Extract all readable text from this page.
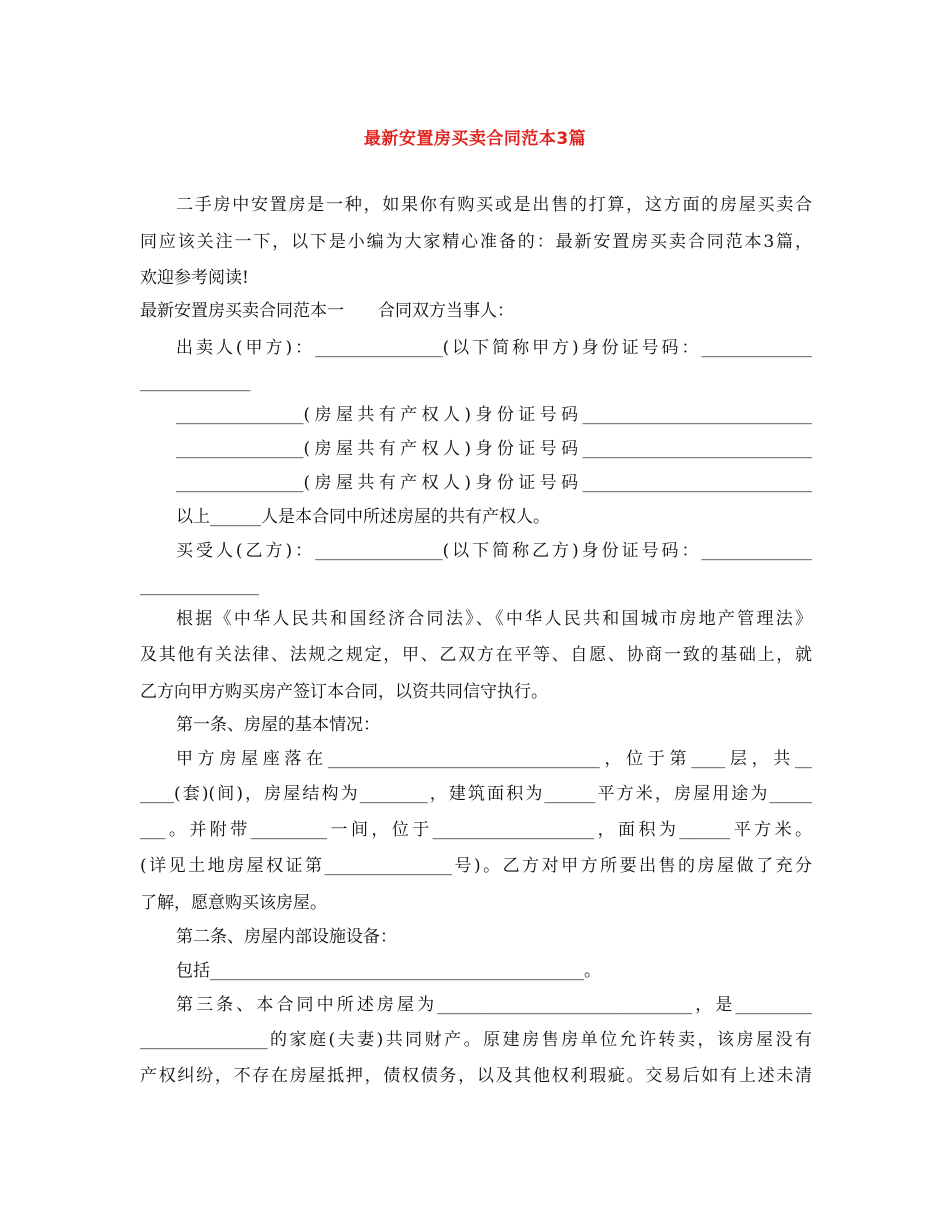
最新安置房买卖合同范本3篇
二手房中安置房是一种，如果你有购买或是出售的打算，这方面的房屋买卖合
同应该关注一下，以下是小编为大家精心准备的：最新安置房买卖合同范本3篇，
欢迎参考阅读!
最新安置房买卖合同范本一　　合同双方当事人：
出卖人(甲方)：_______________(以下简称甲方)身份证号码：_____________
_____________
_______________(房屋共有产权人)身份证号码___________________________
_______________(房屋共有产权人)身份证号码___________________________
_______________(房屋共有产权人)身份证号码___________________________
以上______人是本合同中所述房屋的共有产权人。
买受人(乙方)：_______________(以下简称乙方)身份证号码：_____________
______________
根据《中华人民共和国经济合同法》、《中华人民共和国城市房地产管理法》
及其他有关法律、法规之规定，甲、乙双方在平等、自愿、协商一致的基础上，就
乙方向甲方购买房产签订本合同，以资共同信守执行。
第一条、房屋的基本情况：
甲方房屋座落在________________________________，位于第____层，共__
____(套)(间)，房屋结构为________，建筑面积为______平方米，房屋用途为_____
___。并附带_________一间，位于___________________，面积为______平方米。
(详见土地房屋权证第_______________号)。乙方对甲方所要出售的房屋做了充分
了解，愿意购买该房屋。
第二条、房屋内部设施设备：
包括____________________________________________。
第三条、本合同中所述房屋为______________________________，是_________
_______________的家庭(夫妻)共同财产。原建房售房单位允许转卖，该房屋没有
产权纠纷，不存在房屋抵押，债权债务，以及其他权利瑕疵。交易后如有上述未清
